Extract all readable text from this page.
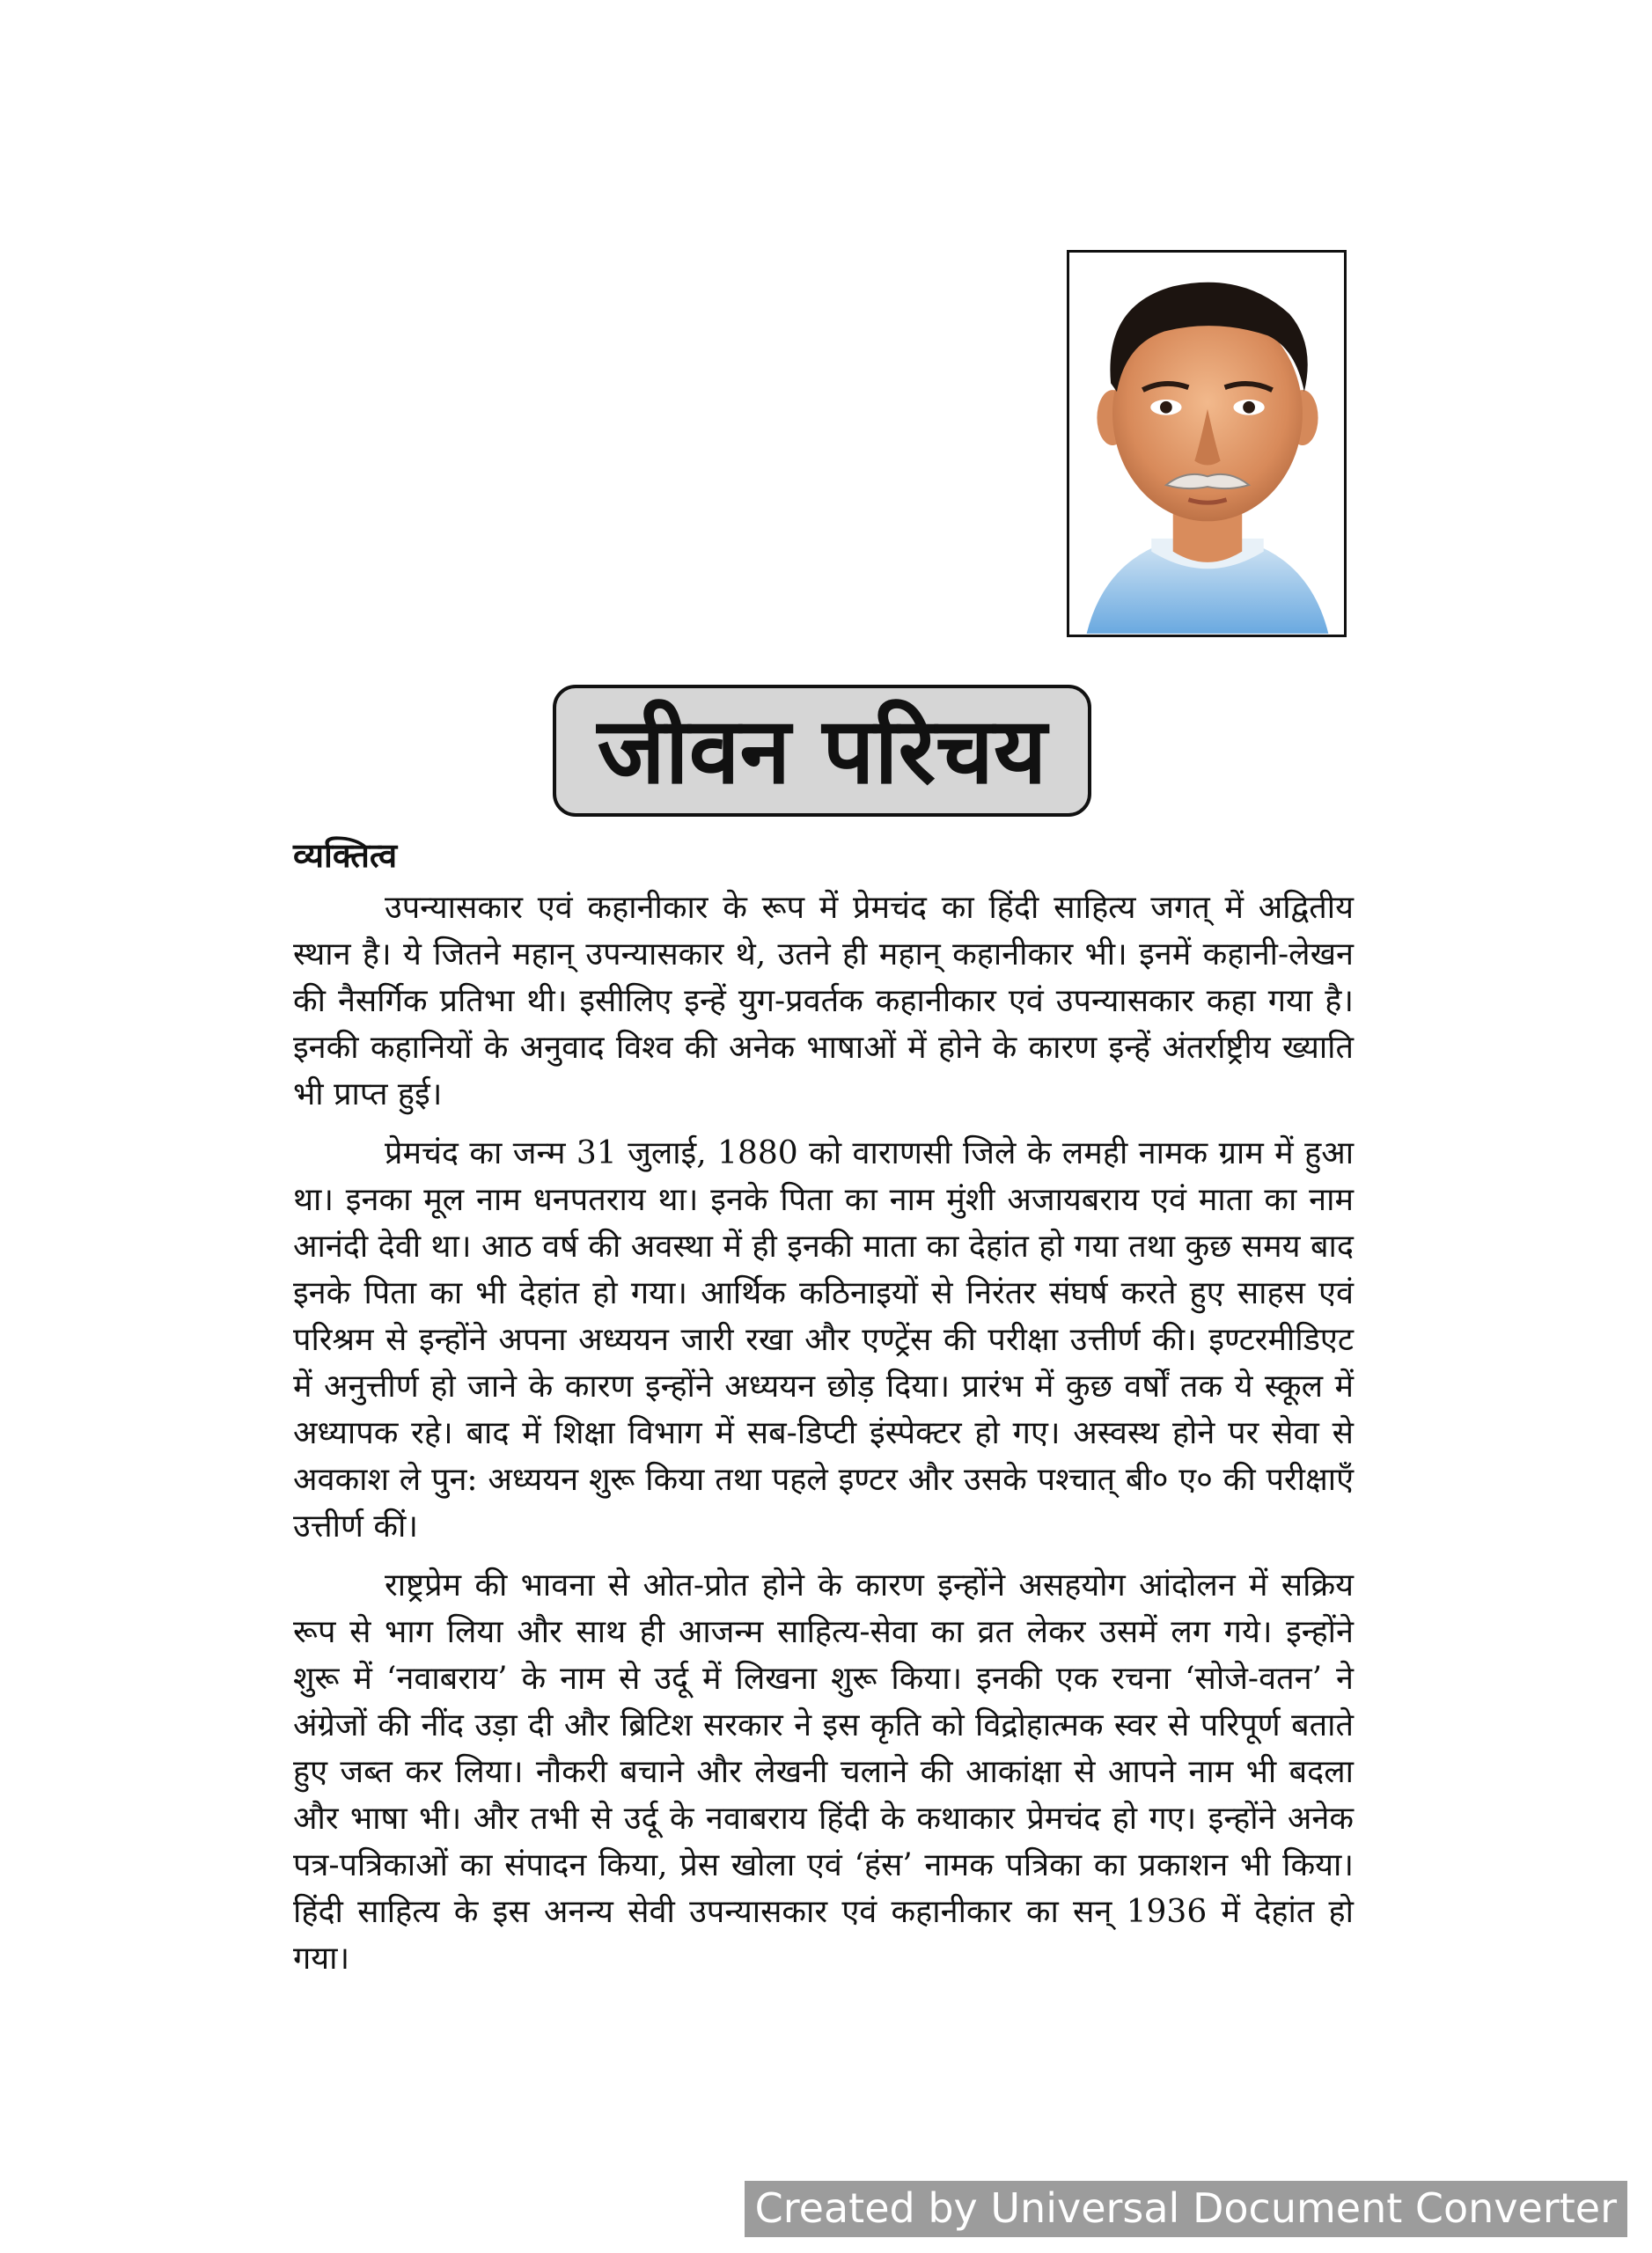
जीवन परिचय
व्यक्तित्व

उपन्यासकार एवं कहानीकार के रूप में प्रेमचंद का हिंदी साहित्य जगत् में अद्वितीय स्थान है। ये जितने महान् उपन्यासकार थे, उतने ही महान् कहानीकार भी। इनमें कहानी-लेखन की नैसर्गिक प्रतिभा थी। इसीलिए इन्हें युग-प्रवर्तक कहानीकार एवं उपन्यासकार कहा गया है। इनकी कहानियों के अनुवाद विश्व की अनेक भाषाओं में होने के कारण इन्हें अंतर्राष्ट्रीय ख्याति भी प्राप्त हुई।

प्रेमचंद का जन्म 31 जुलाई, 1880 को वाराणसी जिले के लमही नामक ग्राम में हुआ था। इनका मूल नाम धनपतराय था। इनके पिता का नाम मुंशी अजायबराय एवं माता का नाम आनंदी देवी था। आठ वर्ष की अवस्था में ही इनकी माता का देहांत हो गया तथा कुछ समय बाद इनके पिता का भी देहांत हो गया। आर्थिक कठिनाइयों से निरंतर संघर्ष करते हुए साहस एवं परिश्रम से इन्होंने अपना अध्ययन जारी रखा और एण्ट्रेंस की परीक्षा उत्तीर्ण की। इण्टरमीडिएट में अनुत्तीर्ण हो जाने के कारण इन्होंने अध्ययन छोड़ दिया। प्रारंभ में कुछ वर्षों तक ये स्कूल में अध्यापक रहे। बाद में शिक्षा विभाग में सब-डिप्टी इंस्पेक्टर हो गए। अस्वस्थ होने पर सेवा से अवकाश ले पुन: अध्ययन शुरू किया तथा पहले इण्टर और उसके पश्चात् बी० ए० की परीक्षाएँ उत्तीर्ण कीं।

राष्ट्रप्रेम की भावना से ओत-प्रोत होने के कारण इन्होंने असहयोग आंदोलन में सक्रिय रूप से भाग लिया और साथ ही आजन्म साहित्य-सेवा का व्रत लेकर उसमें लग गये। इन्होंने शुरू में ‘नवाबराय’ के नाम से उर्दू में लिखना शुरू किया। इनकी एक रचना ‘सोजे-वतन’ ने अंग्रेजों की नींद उड़ा दी और ब्रिटिश सरकार ने इस कृति को विद्रोहात्मक स्वर से परिपूर्ण बताते हुए जब्त कर लिया। नौकरी बचाने और लेखनी चलाने की आकांक्षा से आपने नाम भी बदला और भाषा भी। और तभी से उर्दू के नवाबराय हिंदी के कथाकार प्रेमचंद हो गए। इन्होंने अनेक पत्र-पत्रिकाओं का संपादन किया, प्रेस खोला एवं ‘हंस’ नामक पत्रिका का प्रकाशन भी किया। हिंदी साहित्य के इस अनन्य सेवी उपन्यासकार एवं कहानीकार का सन् 1936 में देहांत हो गया।

Created by Universal Document Converter
